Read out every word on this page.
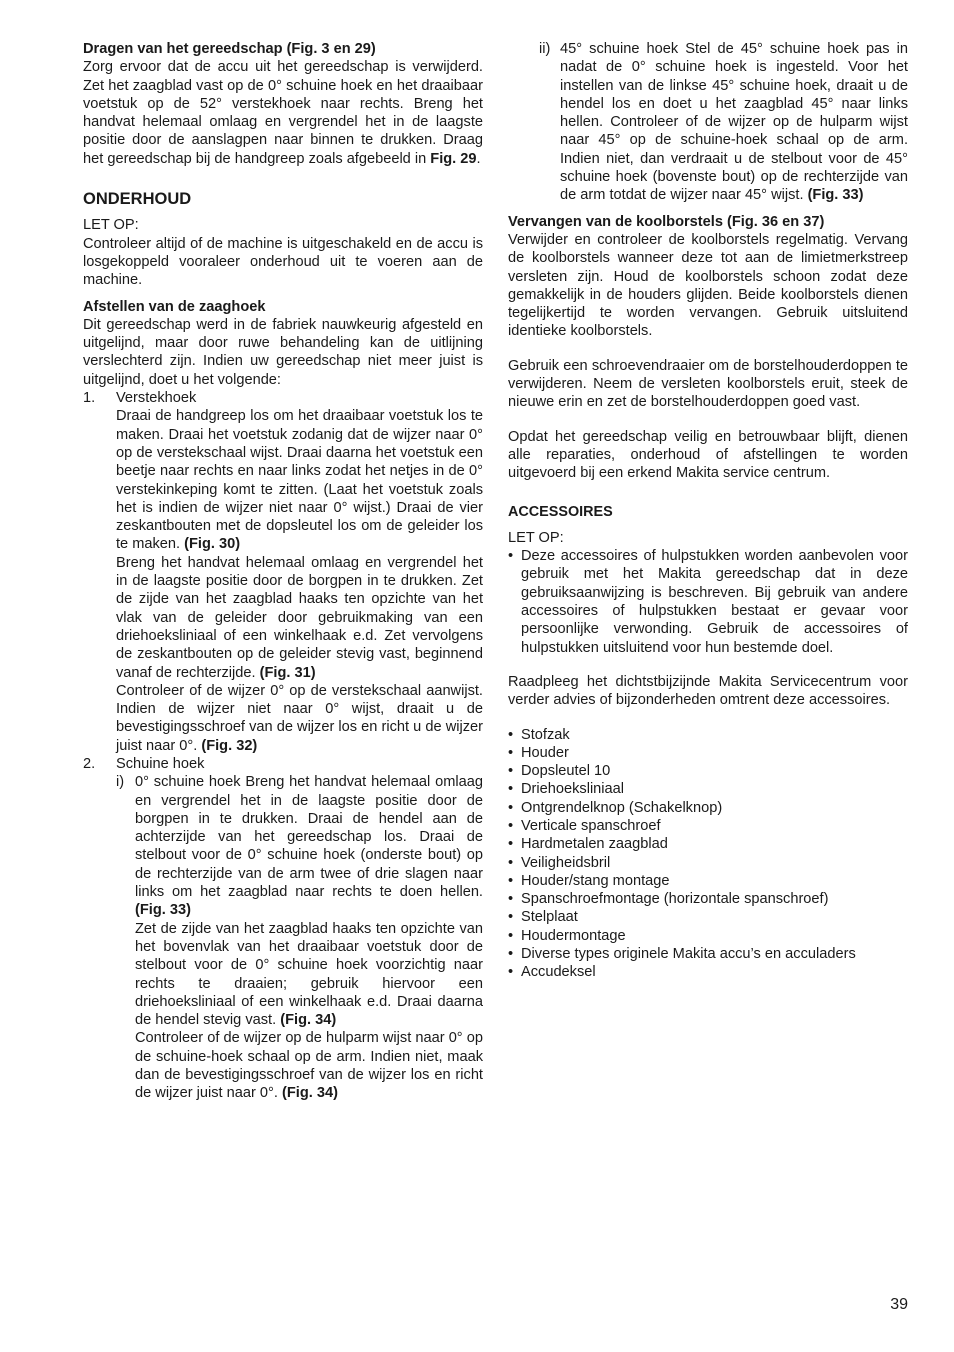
Dragen van het gereedschap (Fig. 3 en 29)

Zorg ervoor dat de accu uit het gereedschap is verwijderd. Zet het zaagblad vast op de 0° schuine hoek en het draaibaar voetstuk op de 52° verstekhoek naar rechts. Breng het handvat helemaal omlaag en vergrendel het in de laagste positie door de aanslagpen naar binnen te drukken. Draag het gereedschap bij de handgreep zoals afgebeeld in Fig. 29.

ONDERHOUD

LET OP:

Controleer altijd of de machine is uitgeschakeld en de accu is losgekoppeld vooraleer onderhoud uit te voeren aan de machine.

Afstellen van de zaaghoek

Dit gereedschap werd in de fabriek nauwkeurig afgesteld en uitgelijnd, maar door ruwe behandeling kan de uitlijning verslechterd zijn. Indien uw gereedschap niet meer juist is uitgelijnd, doet u het volgende:

1. Verstekhoek

Draai de handgreep los om het draaibaar voetstuk los te maken. Draai het voetstuk zodanig dat de wijzer naar 0° op de verstekschaal wijst. Draai daarna het voetstuk een beetje naar rechts en naar links zodat het netjes in de 0° verstekinkeping komt te zitten. (Laat het voetstuk zoals het is indien de wijzer niet naar 0° wijst.) Draai de vier zeskantbouten met de dopsleutel los om de geleider los te maken. (Fig. 30)

Breng het handvat helemaal omlaag en vergrendel het in de laagste positie door de borgpen in te drukken. Zet de zijde van het zaagblad haaks ten opzichte van het vlak van de geleider door gebruikmaking van een driehoeksliniaal of een winkelhaak e.d. Zet vervolgens de zeskantbouten op de geleider stevig vast, beginnend vanaf de rechterzijde. (Fig. 31)

Controleer of de wijzer 0° op de verstekschaal aanwijst. Indien de wijzer niet naar 0° wijst, draait u de bevestigingsschroef van de wijzer los en richt u de wijzer juist naar 0°. (Fig. 32)

2. Schuine hoek
i) 0° schuine hoek Breng het handvat helemaal omlaag en vergrendel het in de laagste positie door de borgpen in te drukken. Draai de hendel aan de achterzijde van het gereedschap los. Draai de stelbout voor de 0° schuine hoek (onderste bout) op de rechterzijde van de arm twee of drie slagen naar links om het zaagblad naar rechts te doen hellen. (Fig. 33)

Zet de zijde van het zaagblad haaks ten opzichte van het bovenvlak van het draaibaar voetstuk door de stelbout voor de 0° schuine hoek voorzichtig naar rechts te draaien; gebruik hiervoor een driehoeksliniaal of een winkelhaak e.d. Draai daarna de hendel stevig vast. (Fig. 34)

Controleer of de wijzer op de hulparm wijst naar 0° op de schuine-hoek schaal op de arm. Indien niet, maak dan de bevestigingsschroef van de wijzer los en richt de wijzer juist naar 0°. (Fig. 34)

ii) 45° schuine hoek Stel de 45° schuine hoek pas in nadat de 0° schuine hoek is ingesteld. Voor het instellen van de linkse 45° schuine hoek, draait u de hendel los en doet u het zaagblad 45° naar links hellen. Controleer of de wijzer op de hulparm wijst naar 45° op de schuine-hoek schaal op de arm. Indien niet, dan verdraait u de stelbout voor de 45° schuine hoek (bovenste bout) op de rechterzijde van de arm totdat de wijzer naar 45° wijst. (Fig. 33)

Vervangen van de koolborstels (Fig. 36 en 37)

Verwijder en controleer de koolborstels regelmatig. Vervang de koolborstels wanneer deze tot aan de limietmerkstreep versleten zijn. Houd de koolborstels schoon zodat deze gemakkelijk in de houders glijden. Beide koolborstels dienen tegelijkertijd te worden vervangen. Gebruik uitsluitend identieke koolborstels.

Gebruik een schroevendraaier om de borstelhouderdoppen te verwijderen. Neem de versleten koolborstels eruit, steek de nieuwe erin en zet de borstelhouderdoppen goed vast.

Opdat het gereedschap veilig en betrouwbaar blijft, dienen alle reparaties, onderhoud of afstellingen te worden uitgevoerd bij een erkend Makita service centrum.

ACCESSOIRES

LET OP:

• Deze accessoires of hulpstukken worden aanbevolen voor gebruik met het Makita gereedschap dat in deze gebruiksaanwijzing is beschreven. Bij gebruik van andere accessoires of hulpstukken bestaat er gevaar voor persoonlijke verwonding. Gebruik de accessoires of hulpstukken uitsluitend voor hun bestemde doel.

Raadpleeg het dichtstbijzijnde Makita Servicecentrum voor verder advies of bijzonderheden omtrent deze accessoires.

• Stofzak
• Houder
• Dopsleutel 10
• Driehoeksliniaal
• Ontgrendelknop (Schakelknop)
• Verticale spanschroef
• Hardmetalen zaagblad
• Veiligheidsbril
• Houder/stang montage
• Spanschroefmontage (horizontale spanschroef)
• Stelplaat
• Houdermontage
• Diverse types originele Makita accu’s en acculaders
• Accudeksel
39
